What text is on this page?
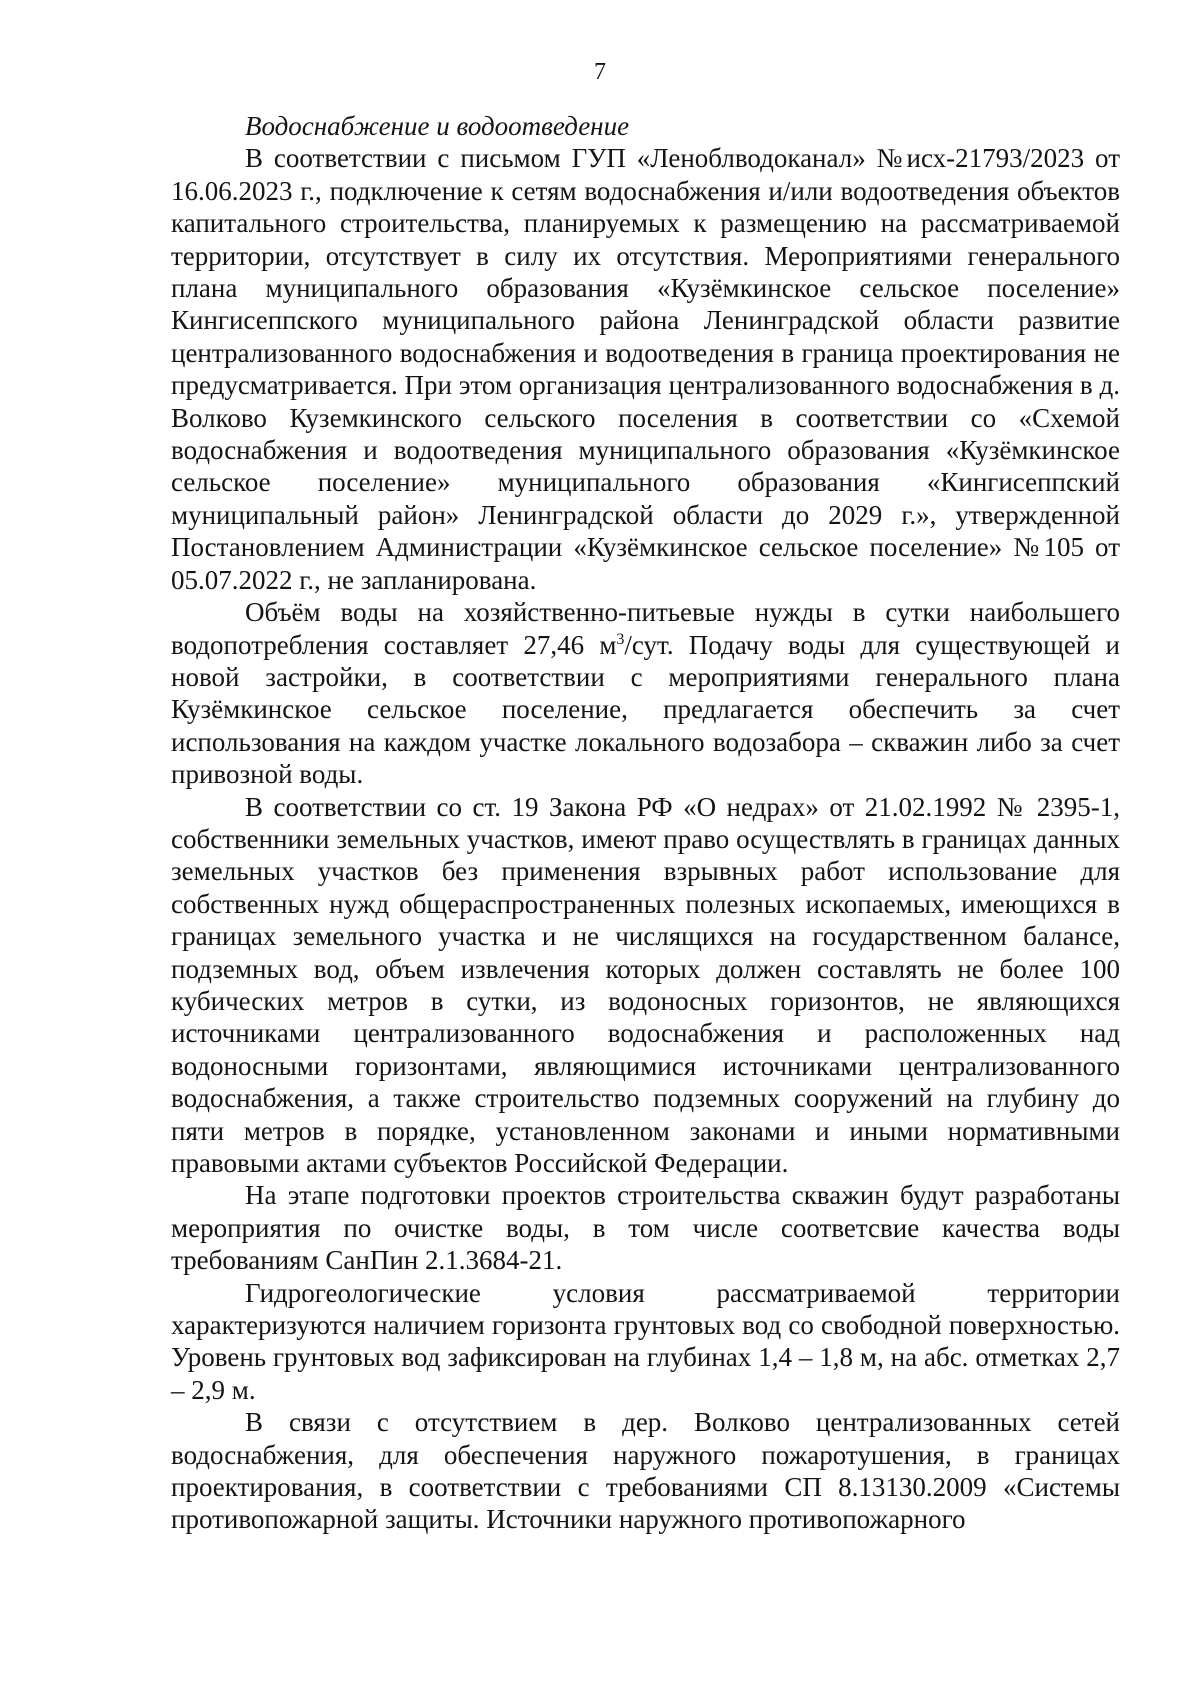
7

Водоснабжение и водоотведение

В соответствии с письмом ГУП «Леноблводоканал» №исх-21793/2023 от 16.06.2023 г., подключение к сетям водоснабжения и/или водоотведения объектов капитального строительства, планируемых к размещению на рассматриваемой территории, отсутствует в силу их отсутствия. Мероприятиями генерального плана муниципального образования «Кузёмкинское сельское поселение» Кингисеппского муниципального района Ленинградской области развитие централизованного водоснабжения и водоотведения в граница проектирования не предусматривается. При этом организация централизованного водоснабжения в д. Волково Куземкинского сельского поселения в соответствии со «Схемой водоснабжения и водоотведения муниципального образования «Кузёмкинское сельское поселение» муниципального образования «Кингисеппский муниципальный район» Ленинградской области до 2029 г.», утвержденной Постановлением Администрации «Кузёмкинское сельское поселение» №105 от 05.07.2022 г., не запланирована.

Объём воды на хозяйственно-питьевые нужды в сутки наибольшего водопотребления составляет 27,46 $м^3$/сут. Подачу воды для существующей и новой застройки, в соответствии с мероприятиями генерального плана Кузёмкинское сельское поселение, предлагается обеспечить за счет использования на каждом участке локального водозабора – скважин либо за счет привозной воды.

В соответствии со ст. 19 Закона РФ «О недрах» от 21.02.1992 № 2395-1, собственники земельных участков, имеют право осуществлять в границах данных земельных участков без применения взрывных работ использование для собственных нужд общераспространенных полезных ископаемых, имеющихся в границах земельного участка и не числящихся на государственном балансе, подземных вод, объем извлечения которых должен составлять не более 100 кубических метров в сутки, из водоносных горизонтов, не являющихся источниками централизованного водоснабжения и расположенных над водоносными горизонтами, являющимися источниками централизованного водоснабжения, а также строительство подземных сооружений на глубину до пяти метров в порядке, установленном законами и иными нормативными правовыми актами субъектов Российской Федерации.

На этапе подготовки проектов строительства скважин будут разработаны мероприятия по очистке воды, в том числе соответсвие качества воды требованиям СанПин 2.1.3684-21.

Гидрогеологические условия рассматриваемой территории характеризуются наличием горизонта грунтовых вод со свободной поверхностью. Уровень грунтовых вод зафиксирован на глубинах 1,4 – 1,8 м, на абс. отметках 2,7 – 2,9 м.

В связи с отсутствием в дер. Волково централизованных сетей водоснабжения, для обеспечения наружного пожаротушения, в границах проектирования, в соответствии с требованиями СП 8.13130.2009 «Системы противопожарной защиты. Источники наружного противопожарного
